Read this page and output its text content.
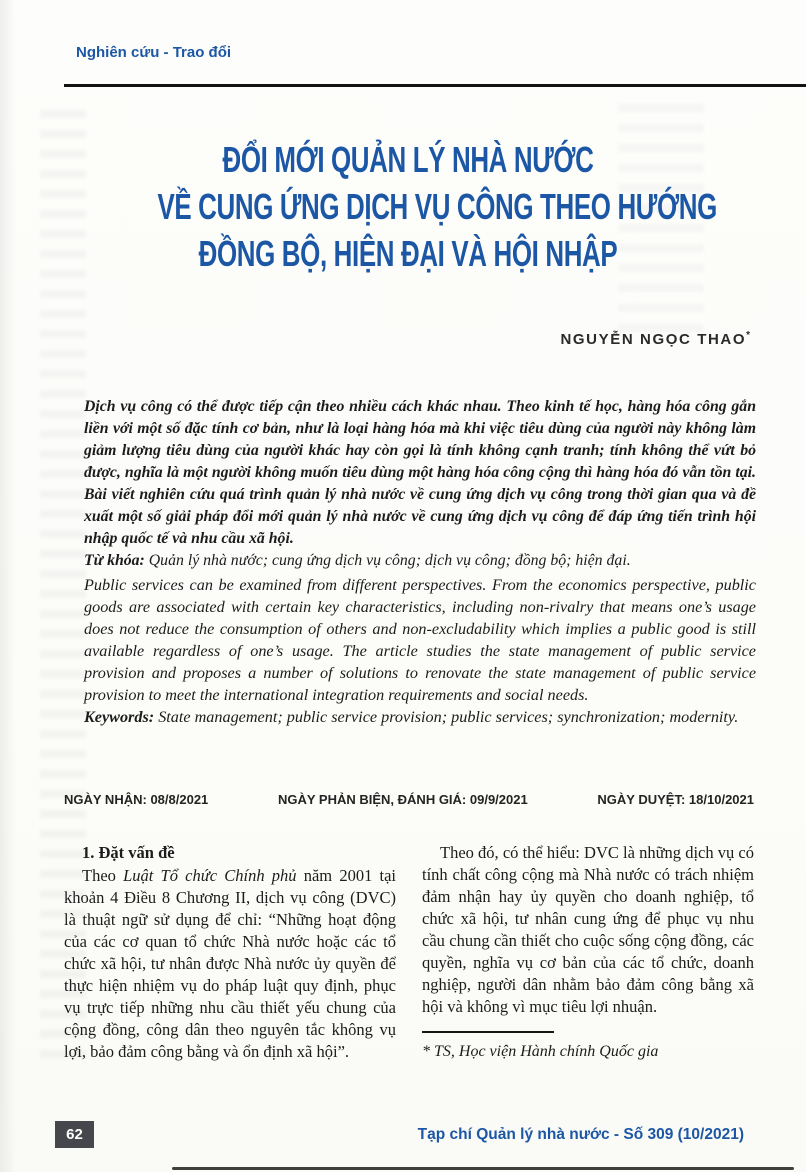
Nghiên cứu - Trao đổi
ĐỔI MỚI QUẢN LÝ NHÀ NƯỚC
VỀ CUNG ỨNG DỊCH VỤ CÔNG THEO HƯỚNG
ĐỒNG BỘ, HIỆN ĐẠI VÀ HỘI NHẬP
NGUYỄN NGỌC THAO*
Dịch vụ công có thể được tiếp cận theo nhiều cách khác nhau. Theo kinh tế học, hàng hóa công gắn liền với một số đặc tính cơ bản, như là loại hàng hóa mà khi việc tiêu dùng của người này không làm giảm lượng tiêu dùng của người khác hay còn gọi là tính không cạnh tranh; tính không thể vứt bỏ được, nghĩa là một người không muốn tiêu dùng một hàng hóa công cộng thì hàng hóa đó vẫn tồn tại. Bài viết nghiên cứu quá trình quản lý nhà nước về cung ứng dịch vụ công trong thời gian qua và đề xuất một số giải pháp đổi mới quản lý nhà nước về cung ứng dịch vụ công để đáp ứng tiến trình hội nhập quốc tế và nhu cầu xã hội.
Từ khóa: Quản lý nhà nước; cung ứng dịch vụ công; dịch vụ công; đồng bộ; hiện đại.
Public services can be examined from different perspectives. From the economics perspective, public goods are associated with certain key characteristics, including non-rivalry that means one’s usage does not reduce the consumption of others and non-excludability which implies a public good is still available regardless of one’s usage. The article studies the state management of public service provision and proposes a number of solutions to renovate the state management of public service provision to meet the international integration requirements and social needs.
Keywords: State management; public service provision; public services; synchronization; modernity.
NGÀY NHẬN: 08/8/2021	NGÀY PHẢN BIỆN, ĐÁNH GIÁ: 09/9/2021	NGÀY DUYỆT: 18/10/2021
1. Đặt vấn đề
Theo Luật Tổ chức Chính phủ năm 2001 tại khoản 4 Điều 8 Chương II, dịch vụ công (DVC) là thuật ngữ sử dụng để chỉ: “Những hoạt động của các cơ quan tổ chức Nhà nước hoặc các tổ chức xã hội, tư nhân được Nhà nước ủy quyền để thực hiện nhiệm vụ do pháp luật quy định, phục vụ trực tiếp những nhu cầu thiết yếu chung của cộng đồng, công dân theo nguyên tắc không vụ lợi, bảo đảm công bằng và ổn định xã hội”.
Theo đó, có thể hiểu: DVC là những dịch vụ có tính chất công cộng mà Nhà nước có trách nhiệm đảm nhận hay ủy quyền cho doanh nghiệp, tổ chức xã hội, tư nhân cung ứng để phục vụ nhu cầu chung cần thiết cho cuộc sống cộng đồng, các quyền, nghĩa vụ cơ bản của các tổ chức, doanh nghiệp, người dân nhằm bảo đảm công bằng xã hội và không vì mục tiêu lợi nhuận.
* TS, Học viện Hành chính Quốc gia
62	Tạp chí Quản lý nhà nước - Số 309 (10/2021)
